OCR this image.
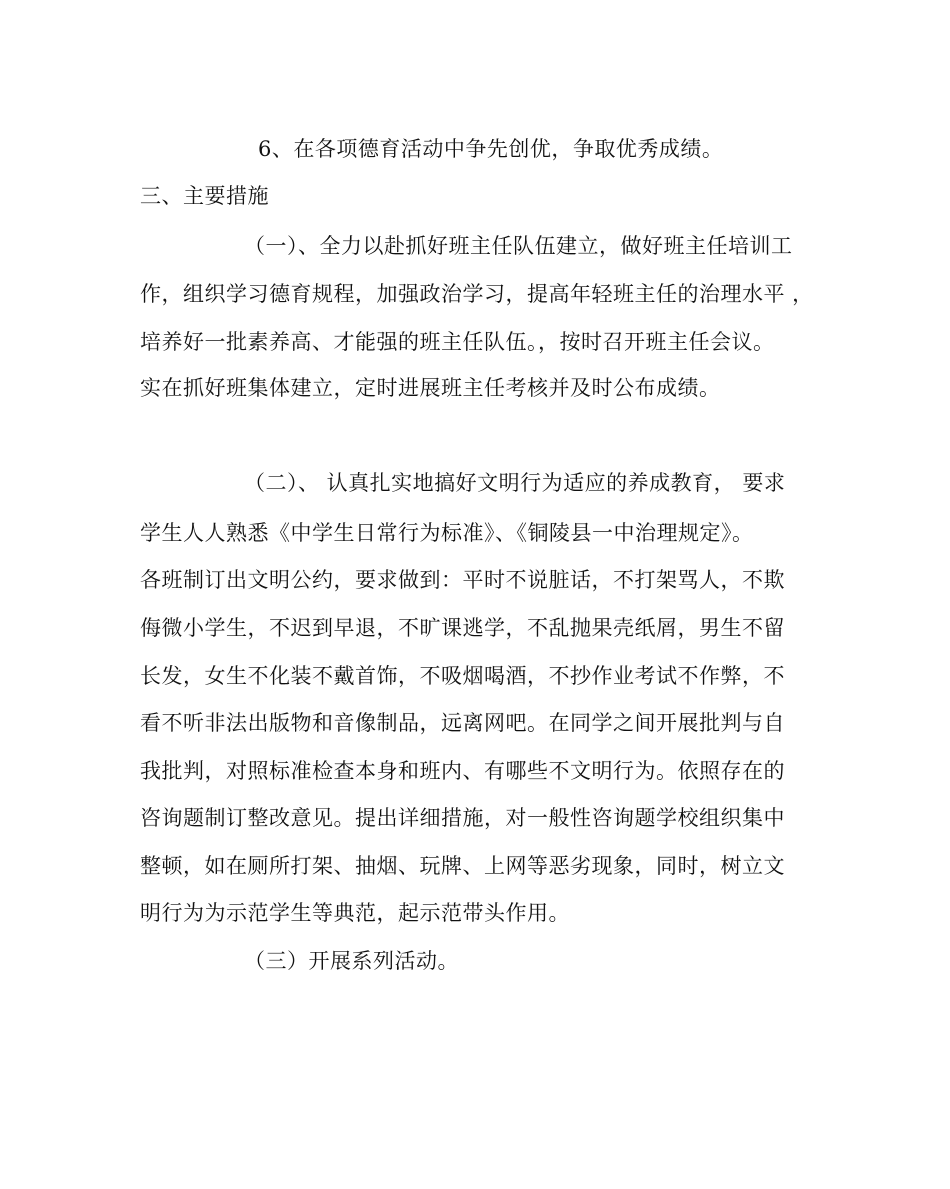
6、在各项德育活动中争先创优，争取优秀成绩。
三、主要措施
（一）、全力以赴抓好班主任队伍建立，做好班主任培训工
作，组织学习德育规程，加强政治学习，提高年轻班主任的治理水平 ，
培养好一批素养高、才能强的班主任队伍。，按时召开班主任会议。
实在抓好班集体建立，定时进展班主任考核并及时公布成绩。
（二）、 认真扎实地搞好文明行为适应的养成教育， 要求
学生人人熟悉《中学生日常行为标准》、《铜陵县一中治理规定》。
各班制订出文明公约，要求做到：平时不说脏话，不打架骂人，不欺
侮微小学生，不迟到早退，不旷课逃学，不乱抛果壳纸屑，男生不留
长发，女生不化装不戴首饰，不吸烟喝酒，不抄作业考试不作弊，不
看不听非法出版物和音像制品，远离网吧。在同学之间开展批判与自
我批判，对照标准检查本身和班内、有哪些不文明行为。依照存在的
咨询题制订整改意见。提出详细措施，对一般性咨询题学校组织集中
整顿，如在厕所打架、抽烟、玩牌、上网等恶劣现象，同时，树立文
明行为为示范学生等典范，起示范带头作用。
（三）开展系列活动。
